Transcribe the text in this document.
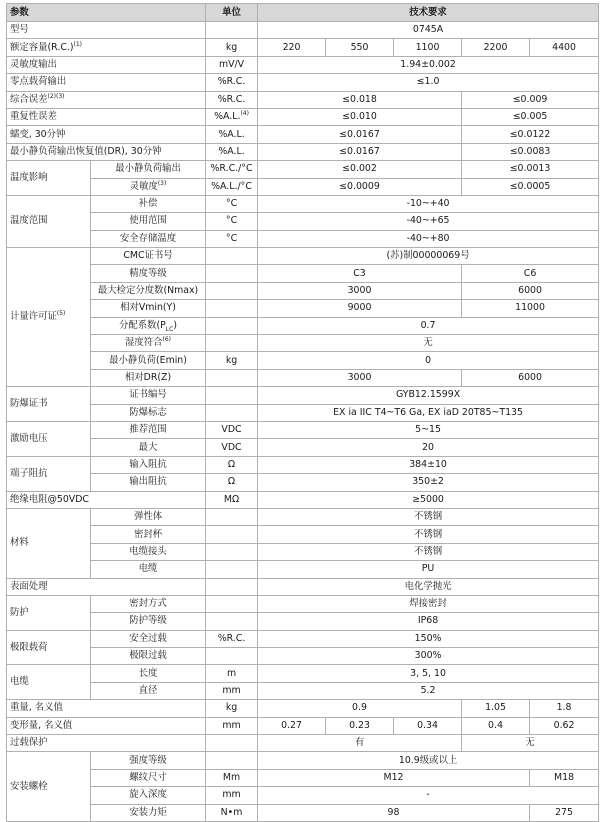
参数		单位	技术要求				
型号			0745A				
额定容量$(R.C.)^{(1)}$		kg	220	550	1100	2200	4400
灵敏度输出		mV/V	1.94±0.002				
零点载荷输出		%R.C.	≤1.0				
综合误差$^{(2)(3)}$		%R.C.	≤0.018			≤0.009	
重复性误差		%A.L.$^{(4)}$	≤0.010			≤0.005	
蠕变, 30分钟		%A.L.	≤0.0167			≤0.0122	
最小静负荷输出恢复值(DR), 30分钟		%A.L.	≤0.0167			≤0.0083	
温度影响	最小静负荷输出	%R.C./°C	≤0.002			≤0.0013	
	灵敏度$^{(3)}$	%A.L./°C	≤0.0009			≤0.0005	
温度范围	补偿	°C	-10~+40				
	使用范围	°C	-40~+65				
	安全存储温度	°C	-40~+80				
计量许可证$^{(5)}$	CMC证书号		(苏)制00000069号				
	精度等级		C3			C6	
	最大检定分度数(Nmax)		3000			6000	
	相对Vmin(Y)		9000			11000	
	分配系数$(P_{LC})$		0.7				
	湿度符合$^{(6)}$		无				
	最小静负荷(Emin)	kg	0				
	相对DR(Z)		3000			6000	
防爆证书	证书编号		GYB12.1599X				
	防爆标志		EX ia IIC T4~T6 Ga, EX iaD 20T85~T135				
激励电压	推荐范围	VDC	5~15				
	最大	VDC	20				
端子阻抗	输入阻抗	Ω	384±10				
	输出阻抗	Ω	350±2				
绝缘电阻@50VDC		MΩ	≥5000				
材料	弹性体		不锈钢				
	密封杯		不锈钢				
	电缆接头		不锈钢				
	电缆		PU				
表面处理			电化学抛光				
防护	密封方式		焊接密封				
	防护等级		IP68				
极限载荷	安全过载	%R.C.	150%				
	极限过载		300%				
电缆	长度	m	3, 5, 10				
	直径	mm	5.2				
重量, 名义值		kg	0.9			1.05	1.8
变形量, 名义值		mm	0.27	0.23	0.34	0.4	0.62
过载保护			有			无	
安装螺栓	强度等级		10.9级或以上				
	螺纹尺寸	Mm	M12				M18
	旋入深度	mm	-				
	安装力矩	N•m	98				275
